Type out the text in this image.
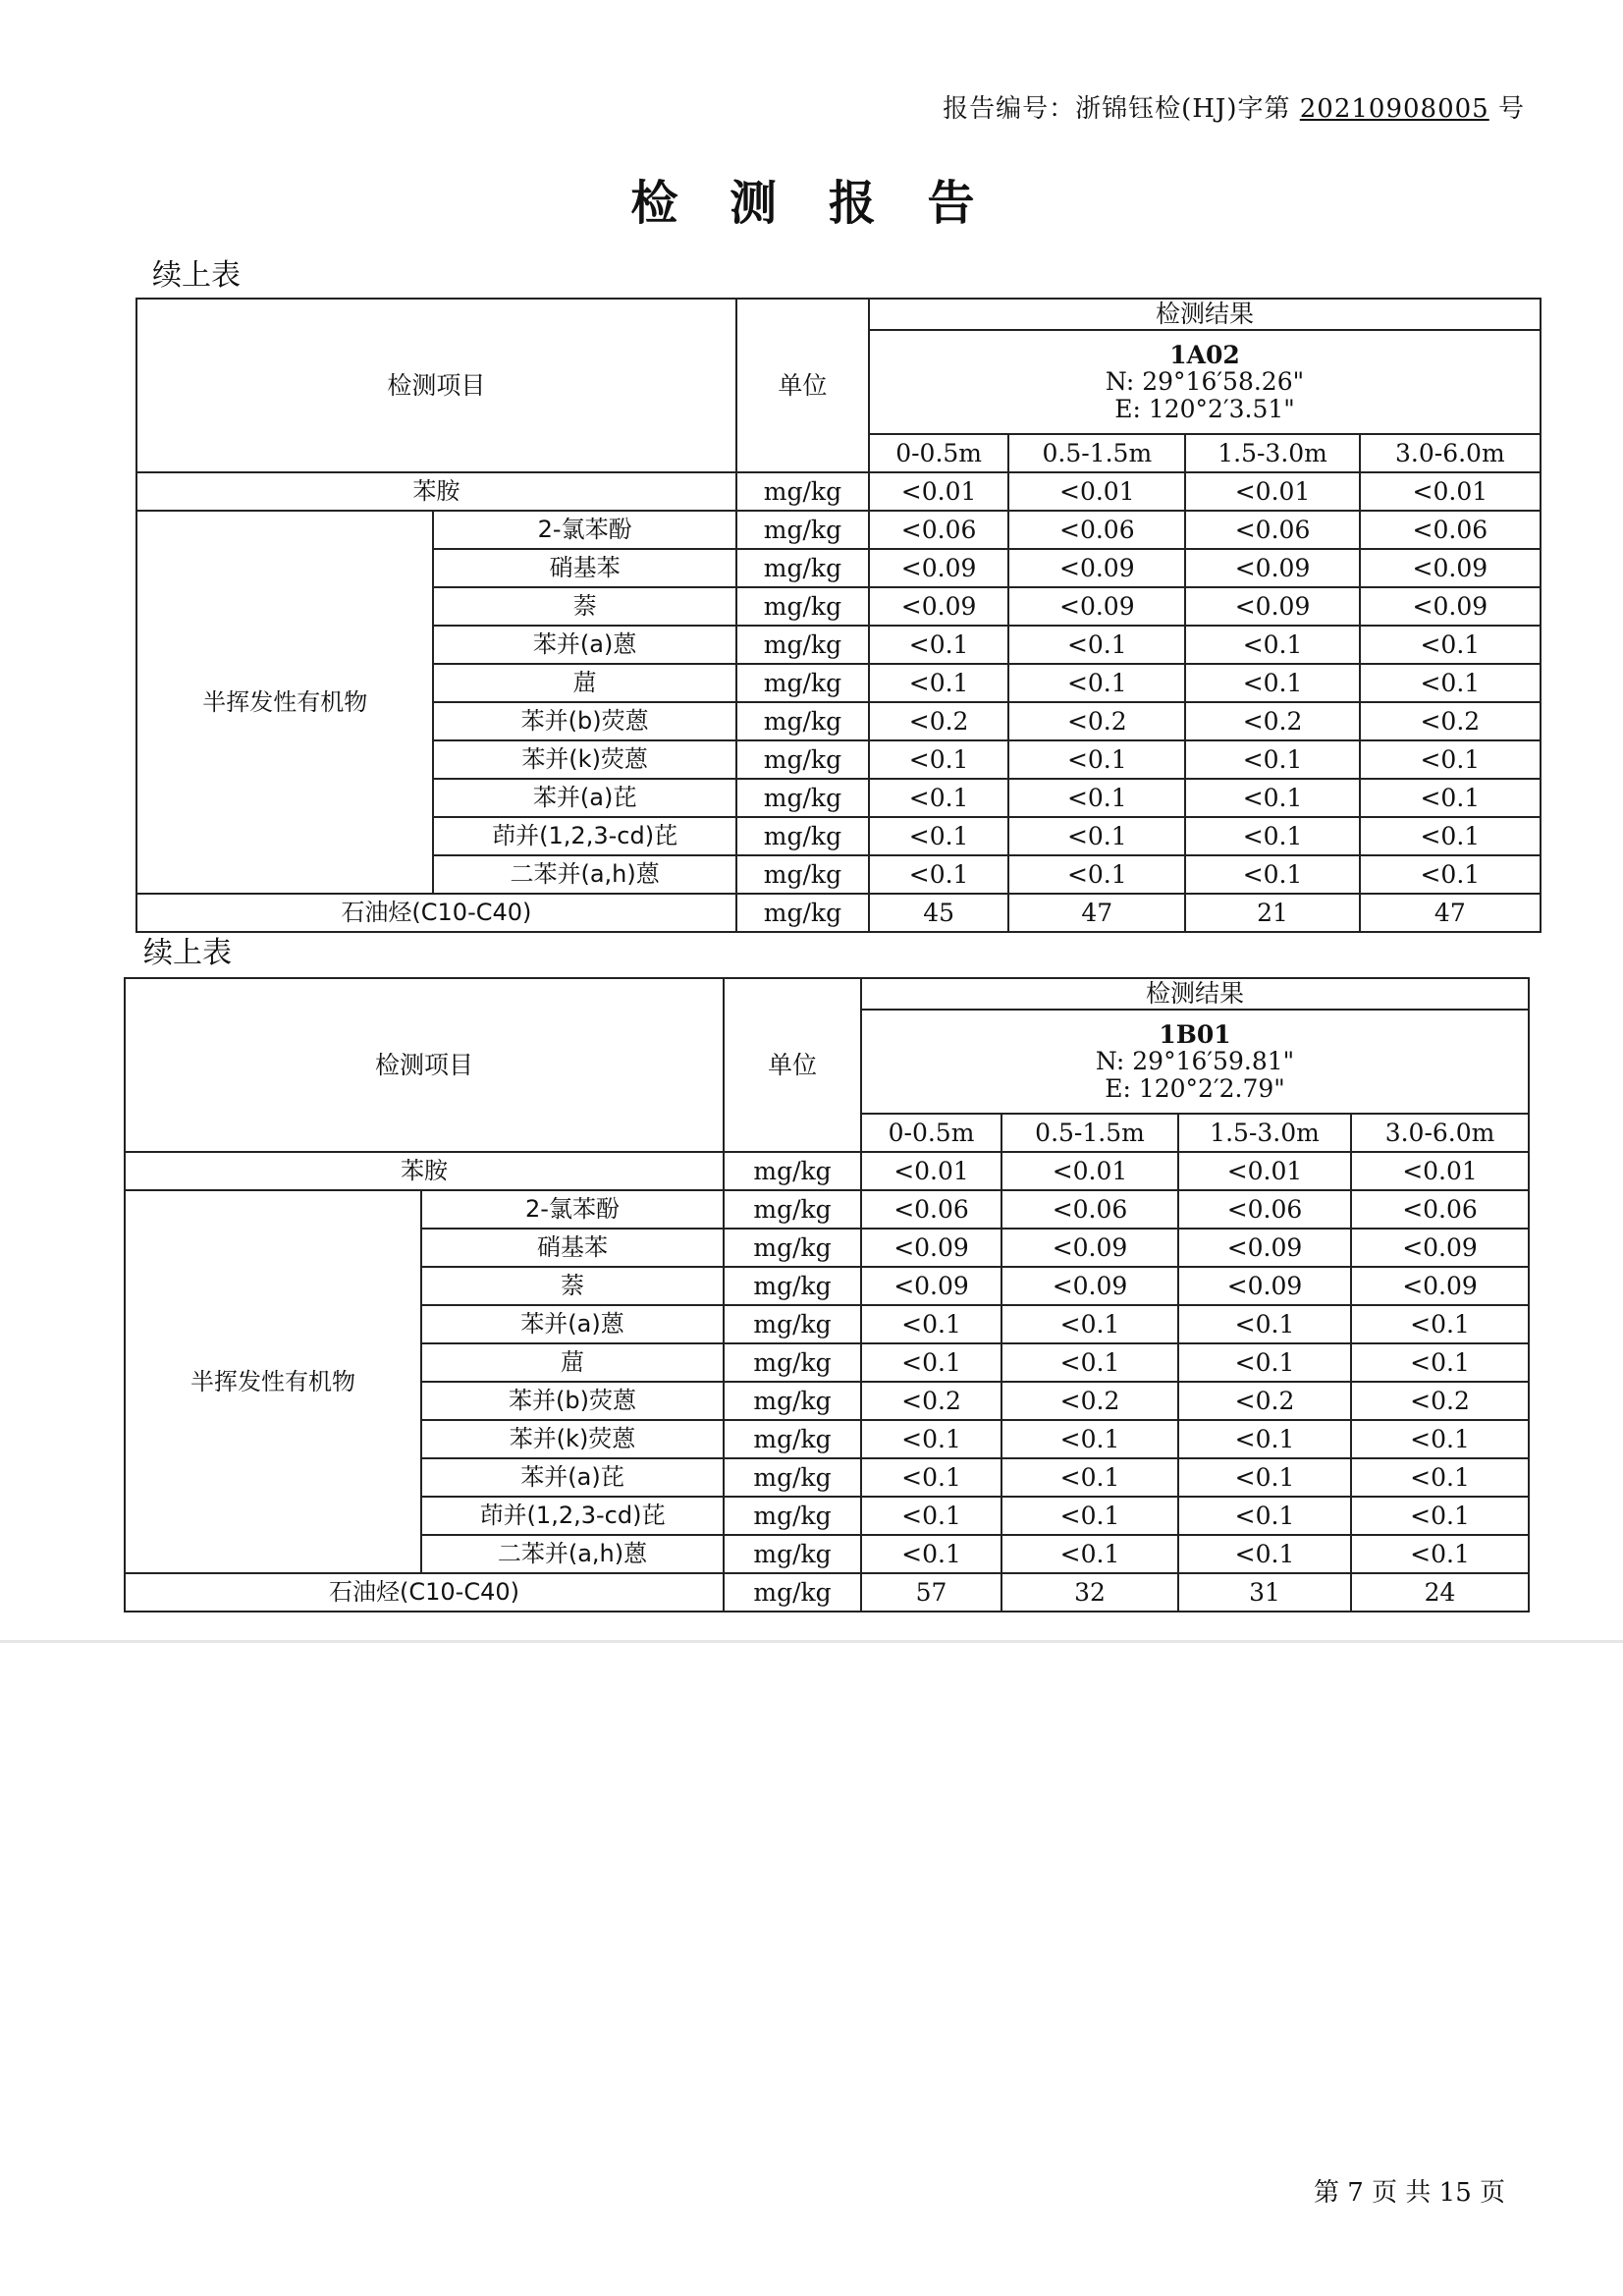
报告编号：浙锦钰检(HJ)字第 20210908005 号
检 测 报 告
续上表
检测项目		单位	检测结果			

			1A02
N: 29°16′58.26"
E: 120°2′3.51"			

			0-0.5m	0.5-1.5m	1.5-3.0m	3.0-6.0m
苯胺		mg/kg	<0.01	<0.01	<0.01	<0.01
半挥发性有机物	2-氯苯酚	mg/kg	<0.06	<0.06	<0.06	<0.06
	硝基苯	mg/kg	<0.09	<0.09	<0.09	<0.09
	萘	mg/kg	<0.09	<0.09	<0.09	<0.09
	苯并(a)蒽	mg/kg	<0.1	<0.1	<0.1	<0.1
	䓛	mg/kg	<0.1	<0.1	<0.1	<0.1
	苯并(b)荧蒽	mg/kg	<0.2	<0.2	<0.2	<0.2
	苯并(k)荧蒽	mg/kg	<0.1	<0.1	<0.1	<0.1
	苯并(a)芘	mg/kg	<0.1	<0.1	<0.1	<0.1
	茚并(1,2,3-cd)芘	mg/kg	<0.1	<0.1	<0.1	<0.1
	二苯并(a,h)蒽	mg/kg	<0.1	<0.1	<0.1	<0.1
石油烃(C10-C40)		mg/kg	45	47	21	47
续上表
检测项目		单位	检测结果			

			1B01
N: 29°16′59.81"
E: 120°2′2.79"			

			0-0.5m	0.5-1.5m	1.5-3.0m	3.0-6.0m
苯胺		mg/kg	<0.01	<0.01	<0.01	<0.01
半挥发性有机物	2-氯苯酚	mg/kg	<0.06	<0.06	<0.06	<0.06
	硝基苯	mg/kg	<0.09	<0.09	<0.09	<0.09
	萘	mg/kg	<0.09	<0.09	<0.09	<0.09
	苯并(a)蒽	mg/kg	<0.1	<0.1	<0.1	<0.1
	䓛	mg/kg	<0.1	<0.1	<0.1	<0.1
	苯并(b)荧蒽	mg/kg	<0.2	<0.2	<0.2	<0.2
	苯并(k)荧蒽	mg/kg	<0.1	<0.1	<0.1	<0.1
	苯并(a)芘	mg/kg	<0.1	<0.1	<0.1	<0.1
	茚并(1,2,3-cd)芘	mg/kg	<0.1	<0.1	<0.1	<0.1
	二苯并(a,h)蒽	mg/kg	<0.1	<0.1	<0.1	<0.1
石油烃(C10-C40)		mg/kg	57	32	31	24
第 7 页 共 15 页
